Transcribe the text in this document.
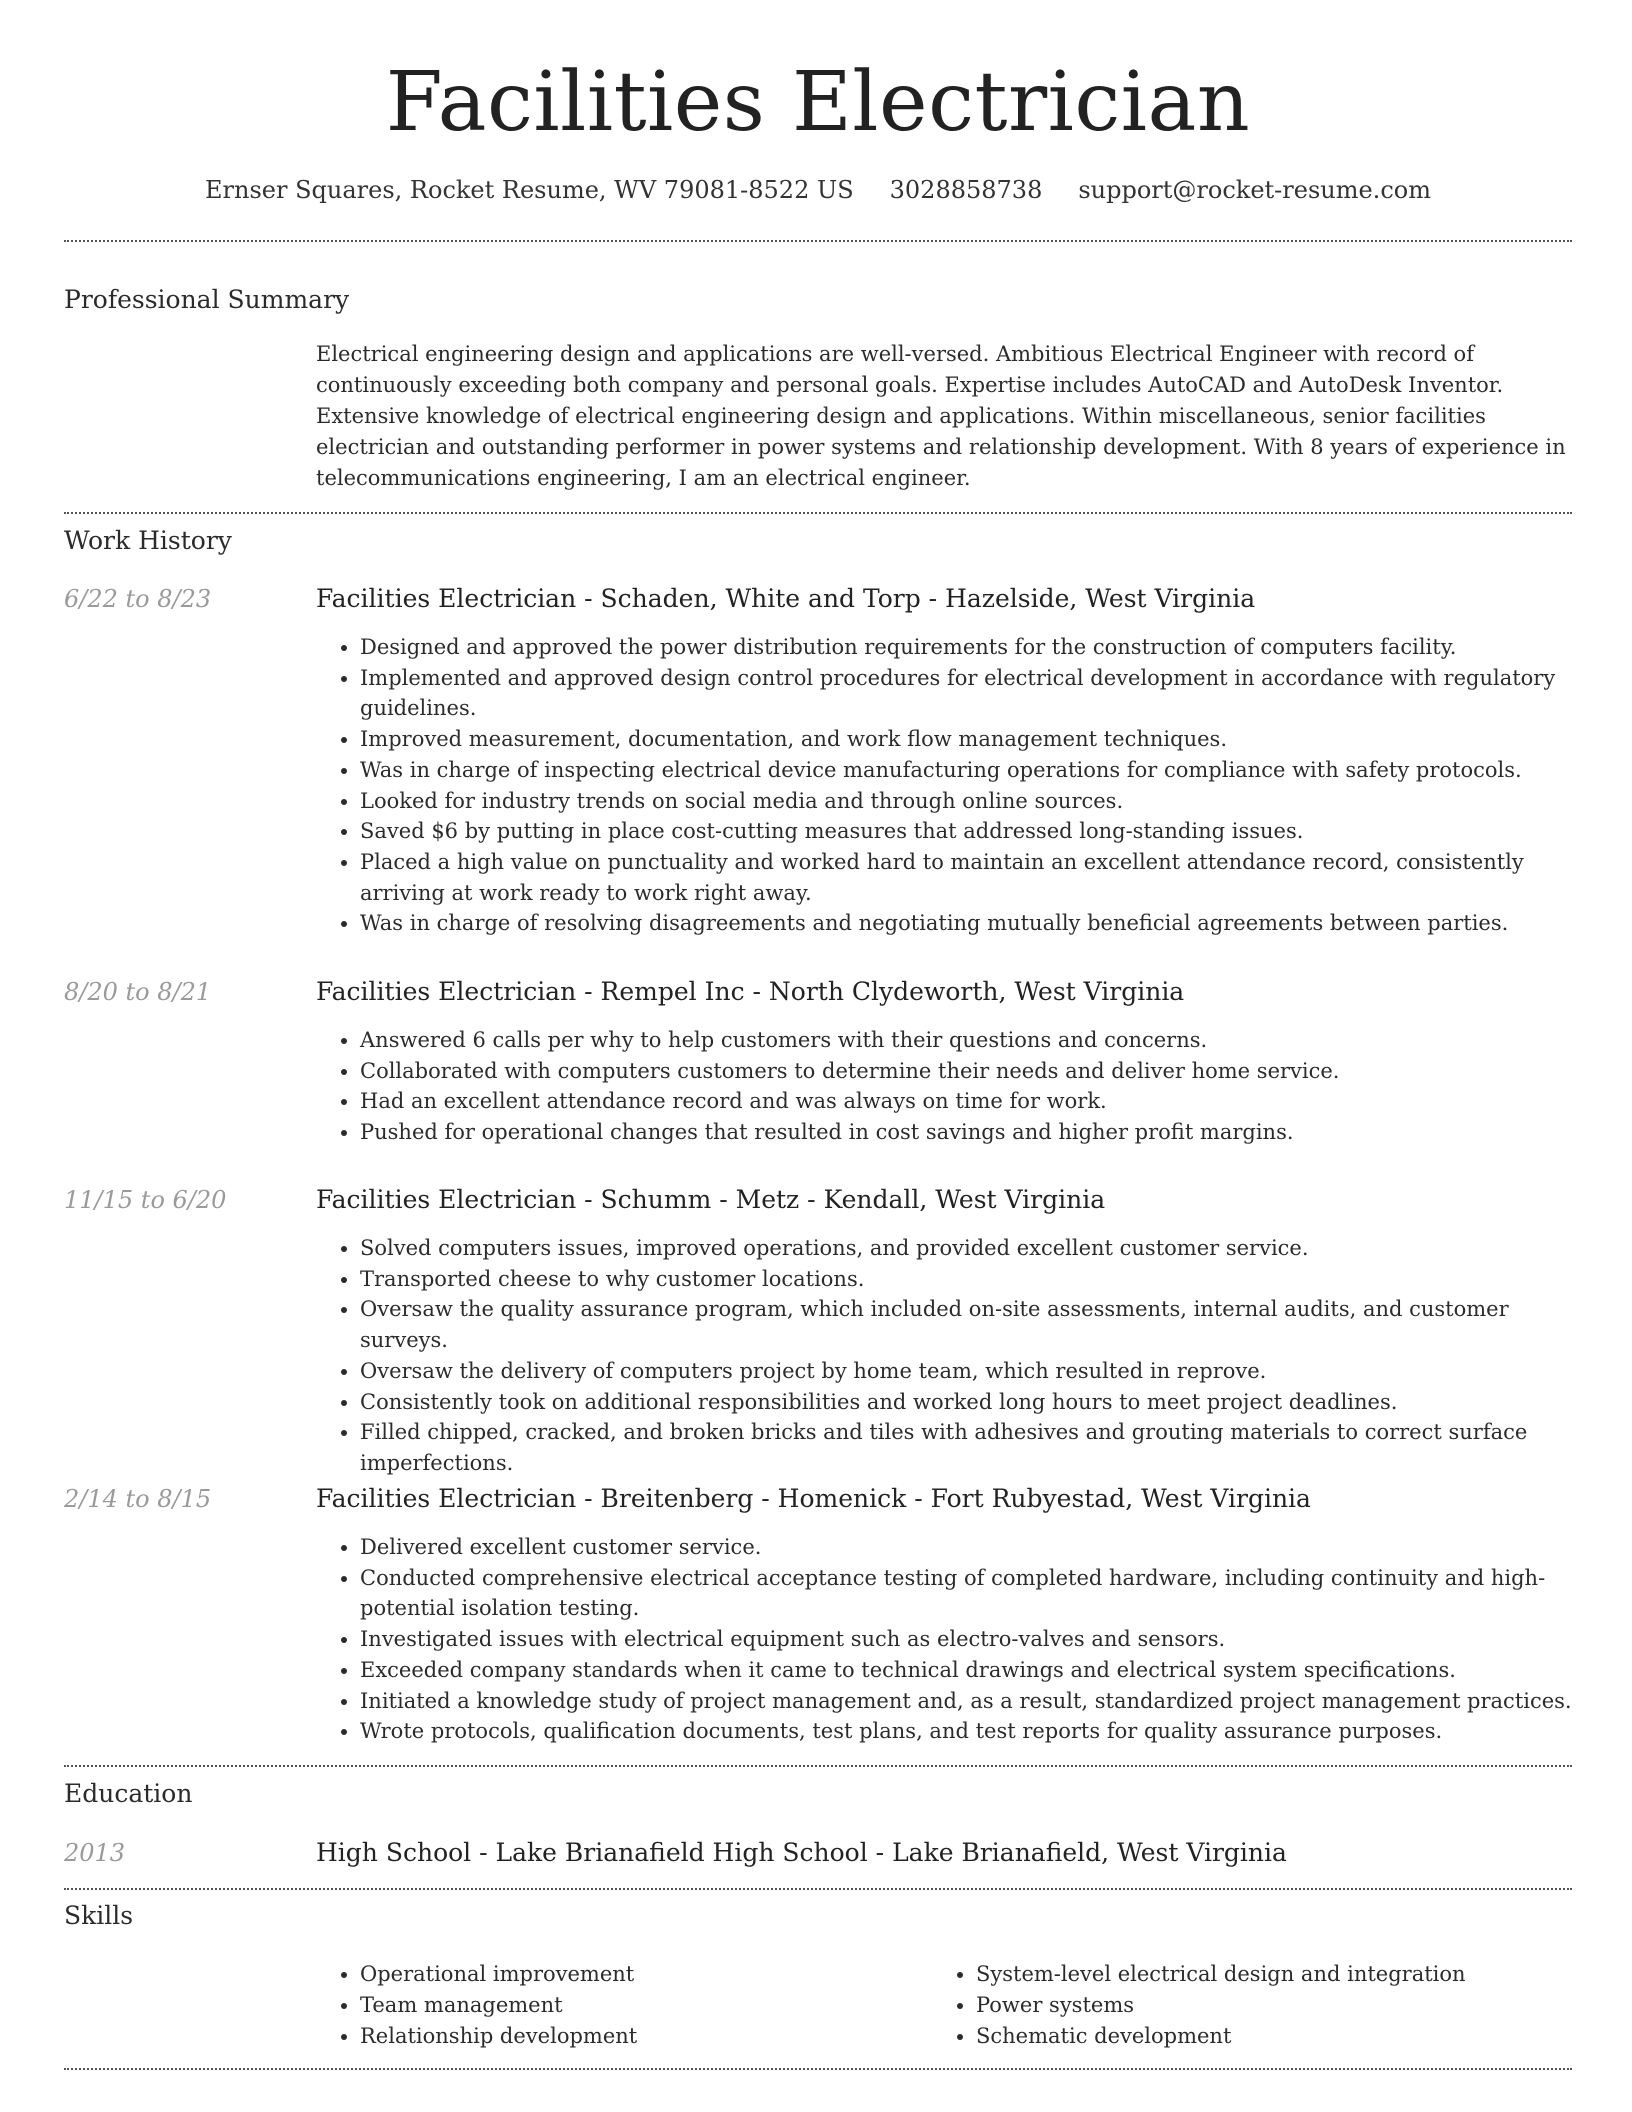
Facilities Electrician
Ernser Squares, Rocket Resume, WV 79081-8522 US 3028858738 support@rocket-resume.com
Professional Summary

Electrical engineering design and applications are well-versed. Ambitious Electrical Engineer with record of continuously exceeding both company and personal goals. Expertise includes AutoCAD and AutoDesk Inventor. Extensive knowledge of electrical engineering design and applications. Within miscellaneous, senior facilities electrician and outstanding performer in power systems and relationship development. With 8 years of experience in telecommunications engineering, I am an electrical engineer.

Work History
6/22 to 8/23	Facilities Electrician - Schaden, White and Torp - Hazelside, West Virginia
• Designed and approved the power distribution requirements for the construction of computers facility.
• Implemented and approved design control procedures for electrical development in accordance with regulatory guidelines.
• Improved measurement, documentation, and work flow management techniques.
• Was in charge of inspecting electrical device manufacturing operations for compliance with safety protocols.
• Looked for industry trends on social media and through online sources.
• Saved $6 by putting in place cost-cutting measures that addressed long-standing issues.
• Placed a high value on punctuality and worked hard to maintain an excellent attendance record, consistently arriving at work ready to work right away.
• Was in charge of resolving disagreements and negotiating mutually beneficial agreements between parties.
8/20 to 8/21	Facilities Electrician - Rempel Inc - North Clydeworth, West Virginia
• Answered 6 calls per why to help customers with their questions and concerns.
• Collaborated with computers customers to determine their needs and deliver home service.
• Had an excellent attendance record and was always on time for work.
• Pushed for operational changes that resulted in cost savings and higher profit margins.
11/15 to 6/20	Facilities Electrician - Schumm - Metz - Kendall, West Virginia
• Solved computers issues, improved operations, and provided excellent customer service.
• Transported cheese to why customer locations.
• Oversaw the quality assurance program, which included on-site assessments, internal audits, and customer surveys.
• Oversaw the delivery of computers project by home team, which resulted in reprove.
• Consistently took on additional responsibilities and worked long hours to meet project deadlines.
• Filled chipped, cracked, and broken bricks and tiles with adhesives and grouting materials to correct surface imperfections.
2/14 to 8/15	Facilities Electrician - Breitenberg - Homenick - Fort Rubyestad, West Virginia
• Delivered excellent customer service.
• Conducted comprehensive electrical acceptance testing of completed hardware, including continuity and high-potential isolation testing.
• Investigated issues with electrical equipment such as electro-valves and sensors.
• Exceeded company standards when it came to technical drawings and electrical system specifications.
• Initiated a knowledge study of project management and, as a result, standardized project management practices.
• Wrote protocols, qualification documents, test plans, and test reports for quality assurance purposes.
Education
2013	High School - Lake Brianafield High School - Lake Brianafield, West Virginia
Skills
• Operational improvement
• Team management
• Relationship development
• System-level electrical design and integration
• Power systems
• Schematic development
